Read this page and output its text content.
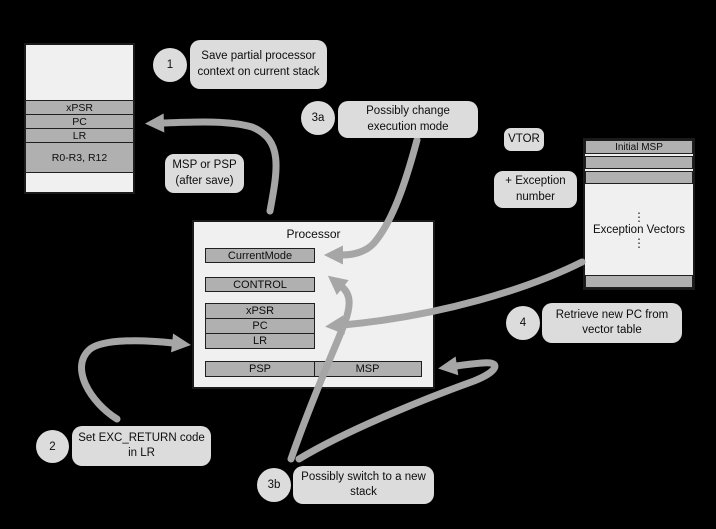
xPSR
PC
LR
R0-R3, R12
Processor
CurrentMode
CONTROL
xPSR
PC
LR
PSP	MSP
Initial MSP
⋮
Exception Vectors
⋮
1
Save partial processor context on current stack
MSP or PSP (after save)
3a
Possibly change execution mode
VTOR
+ Exception number
4
Retrieve new PC from vector table
2
Set EXC_RETURN code in LR
3b
Possibly switch to a new stack
